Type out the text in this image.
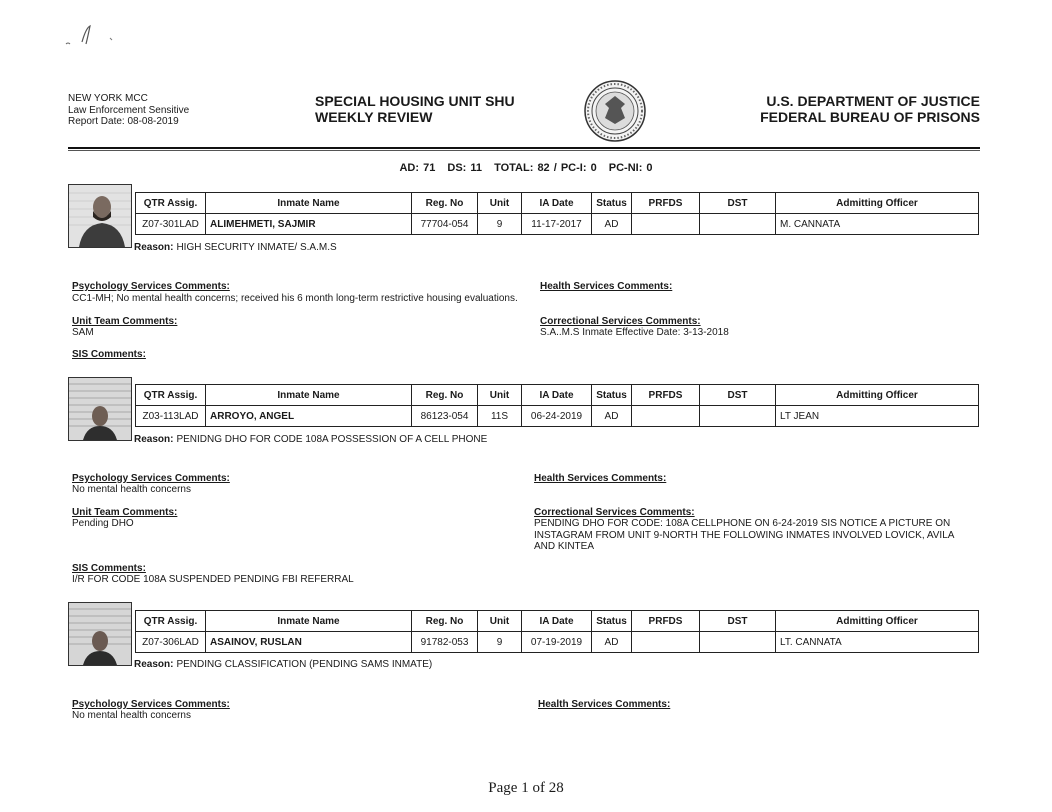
NEW YORK MCC
Law Enforcement Sensitive
Report Date: 08-08-2019
SPECIAL HOUSING UNIT SHU
WEEKLY REVIEW
U.S. DEPARTMENT OF JUSTICE
FEDERAL BUREAU OF PRISONS
AD: 71 DS: 11 TOTAL: 82 / PC-I: 0 PC-NI: 0
QTR Assig.	Inmate Name	Reg. No	Unit	IA Date	Status	PRFDS	DST	Admitting Officer
Z07-301LAD	ALIMEHMETI, SAJMIR	77704-054	9	11-17-2017	AD			M. CANNATA
Reason: HIGH SECURITY INMATE/ S.A.M.S
Psychology Services Comments:
CC1-MH; No mental health concerns; received his 6 month long-term restrictive housing evaluations.
Health Services Comments:
Unit Team Comments:
SAM
Correctional Services Comments:
S.A..M.S Inmate Effective Date: 3-13-2018
SIS Comments:
QTR Assig.	Inmate Name	Reg. No	Unit	IA Date	Status	PRFDS	DST	Admitting Officer
Z03-113LAD	ARROYO, ANGEL	86123-054	11S	06-24-2019	AD			LT JEAN
Reason: PENIDNG DHO FOR CODE 108A POSSESSION OF A CELL PHONE
Psychology Services Comments:
No mental health concerns
Health Services Comments:
Unit Team Comments:
Pending DHO
Correctional Services Comments:
PENDING DHO FOR CODE: 108A CELLPHONE ON 6-24-2019 SIS NOTICE A PICTURE ON INSTAGRAM FROM UNIT 9-NORTH THE FOLLOWING INMATES INVOLVED LOVICK, AVILA AND KINTEA
SIS Comments:
I/R FOR CODE 108A SUSPENDED PENDING FBI REFERRAL
QTR Assig.	Inmate Name	Reg. No	Unit	IA Date	Status	PRFDS	DST	Admitting Officer
Z07-306LAD	ASAINOV, RUSLAN	91782-053	9	07-19-2019	AD			LT. CANNATA
Reason: PENDING CLASSIFICATION (PENDING SAMS INMATE)
Psychology Services Comments:
No mental health concerns
Health Services Comments:
Page 1 of 28
